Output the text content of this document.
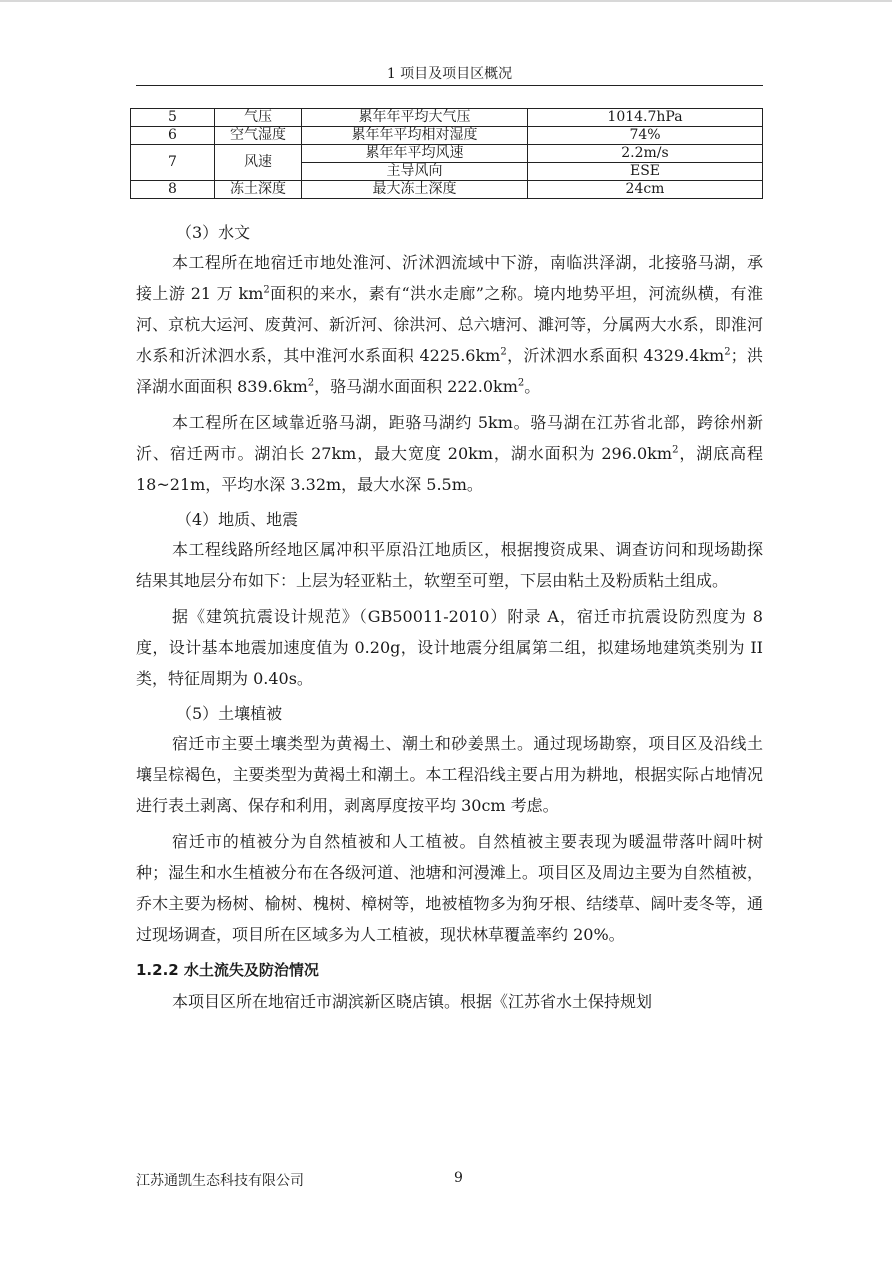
1 项目及项目区概况
5	气压	累年年平均大气压	1014.7hPa
6	空气湿度	累年年平均相对湿度	74%
7	风速	累年年平均风速	2.2m/s
		主导风向	ESE
8	冻土深度	最大冻土深度	24cm

（3）水文

本工程所在地宿迁市地处淮河、沂沭泗流域中下游，南临洪泽湖，北接骆马湖，承接上游 21 万 $km^2$面积的来水，素有“洪水走廊”之称。境内地势平坦，河流纵横，有淮河、京杭大运河、废黄河、新沂河、徐洪河、总六塘河、濉河等，分属两大水系，即淮河水系和沂沭泗水系，其中淮河水系面积 $4225.6km^2$，沂沭泗水系面积 $4329.4km^2$；洪泽湖水面面积 $839.6km^2$，骆马湖水面面积 $222.0km^2$。

本工程所在区域靠近骆马湖，距骆马湖约 5km。骆马湖在江苏省北部，跨徐州新沂、宿迁两市。湖泊长 27km，最大宽度 20km，湖水面积为 $296.0km^2$，湖底高程 18~21m，平均水深 3.32m，最大水深 5.5m。

（4）地质、地震

本工程线路所经地区属冲积平原沿江地质区，根据搜资成果、调查访问和现场勘探结果其地层分布如下：上层为轻亚粘土，软塑至可塑，下层由粘土及粉质粘土组成。

据《建筑抗震设计规范》（GB50011-2010）附录 A，宿迁市抗震设防烈度为 8 度，设计基本地震加速度值为 0.20g，设计地震分组属第二组，拟建场地建筑类别为 II 类，特征周期为 0.40s。

（5）土壤植被

宿迁市主要土壤类型为黄褐土、潮土和砂姜黑土。通过现场勘察，项目区及沿线土壤呈棕褐色，主要类型为黄褐土和潮土。本工程沿线主要占用为耕地，根据实际占地情况进行表土剥离、保存和利用，剥离厚度按平均 30cm 考虑。

宿迁市的植被分为自然植被和人工植被。自然植被主要表现为暖温带落叶阔叶树种；湿生和水生植被分布在各级河道、池塘和河漫滩上。项目区及周边主要为自然植被，乔木主要为杨树、榆树、槐树、樟树等，地被植物多为狗牙根、结缕草、阔叶麦冬等，通过现场调查，项目所在区域多为人工植被，现状林草覆盖率约 20%。

1.2.2 水土流失及防治情况

本项目区所在地宿迁市湖滨新区晓店镇。根据《江苏省水土保持规划

江苏通凯生态科技有限公司	9
